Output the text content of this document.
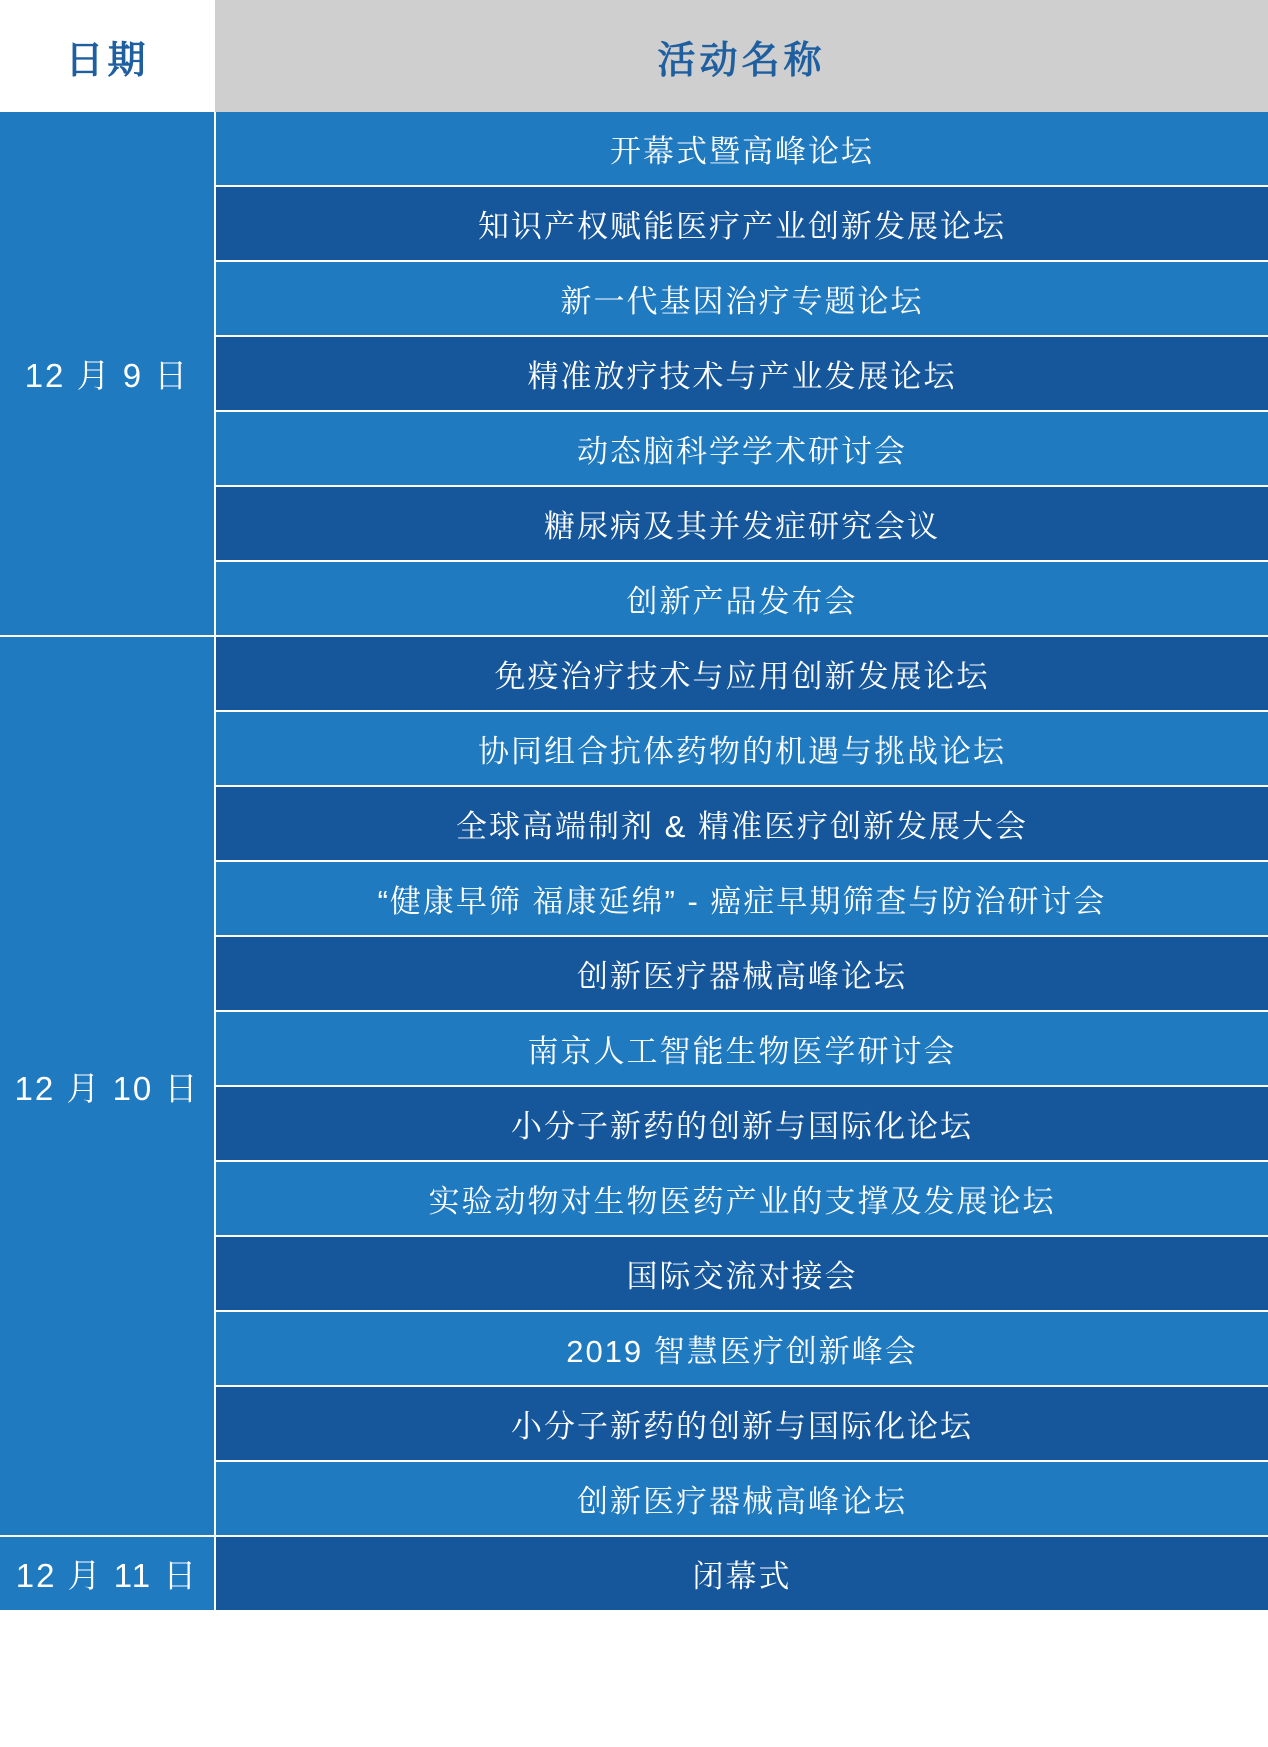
日期	活动名称
12 月 9 日	开幕式暨高峰论坛
	知识产权赋能医疗产业创新发展论坛
	新一代基因治疗专题论坛
	精准放疗技术与产业发展论坛
	动态脑科学学术研讨会
	糖尿病及其并发症研究会议
	创新产品发布会
12 月 10 日	免疫治疗技术与应用创新发展论坛
	协同组合抗体药物的机遇与挑战论坛
	全球高端制剂 & 精准医疗创新发展大会
	“健康早筛 福康延绵” - 癌症早期筛查与防治研讨会
	创新医疗器械高峰论坛
	南京人工智能生物医学研讨会
	小分子新药的创新与国际化论坛
	实验动物对生物医药产业的支撑及发展论坛
	国际交流对接会
	2019 智慧医疗创新峰会
	小分子新药的创新与国际化论坛
	创新医疗器械高峰论坛
12 月 11 日	闭幕式
